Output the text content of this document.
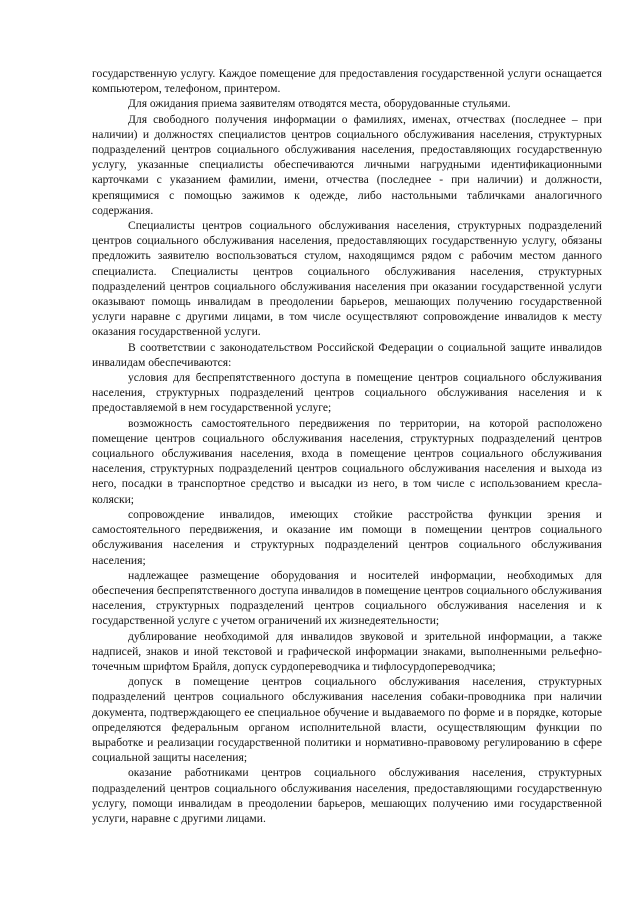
государственную услугу. Каждое помещение для предоставления государственной услуги оснащается компьютером, телефоном, принтером.

Для ожидания приема заявителям отводятся места, оборудованные стульями.

Для свободного получения информации о фамилиях, именах, отчествах (последнее – при наличии) и должностях специалистов центров социального обслуживания населения, структурных подразделений центров социального обслуживания населения, предоставляющих государственную услугу, указанные специалисты обеспечиваются личными нагрудными идентификационными карточками с указанием фамилии, имени, отчества (последнее - при наличии) и должности, крепящимися с помощью зажимов к одежде, либо настольными табличками аналогичного содержания.

Специалисты центров социального обслуживания населения, структурных подразделений центров социального обслуживания населения, предоставляющих государственную услугу, обязаны предложить заявителю воспользоваться стулом, находящимся рядом с рабочим местом данного специалиста. Специалисты центров социального обслуживания населения, структурных подразделений центров социального обслуживания населения при оказании государственной услуги оказывают помощь инвалидам в преодолении барьеров, мешающих получению государственной услуги наравне с другими лицами, в том числе осуществляют сопровождение инвалидов к месту оказания государственной услуги.

В соответствии с законодательством Российской Федерации о социальной защите инвалидов инвалидам обеспечиваются:

условия для беспрепятственного доступа в помещение центров социального обслуживания населения, структурных подразделений центров социального обслуживания населения и к предоставляемой в нем государственной услуге;

возможность самостоятельного передвижения по территории, на которой расположено помещение центров социального обслуживания населения, структурных подразделений центров социального обслуживания населения, входа в помещение центров социального обслуживания населения, структурных подразделений центров социального обслуживания населения и выхода из него, посадки в транспортное средство и высадки из него, в том числе с использованием кресла-коляски;

сопровождение инвалидов, имеющих стойкие расстройства функции зрения и самостоятельного передвижения, и оказание им помощи в помещении центров социального обслуживания населения и структурных подразделений центров социального обслуживания населения;

надлежащее размещение оборудования и носителей информации, необходимых для обеспечения беспрепятственного доступа инвалидов в помещение центров социального обслуживания населения, структурных подразделений центров социального обслуживания населения и к государственной услуге с учетом ограничений их жизнедеятельности;

дублирование необходимой для инвалидов звуковой и зрительной информации, а также надписей, знаков и иной текстовой и графической информации знаками, выполненными рельефно-точечным шрифтом Брайля, допуск сурдопереводчика и тифлосурдопереводчика;

допуск в помещение центров социального обслуживания населения, структурных подразделений центров социального обслуживания населения собаки-проводника при наличии документа, подтверждающего ее специальное обучение и выдаваемого по форме и в порядке, которые определяются федеральным органом исполнительной власти, осуществляющим функции по выработке и реализации государственной политики и нормативно-правовому регулированию в сфере социальной защиты населения;

оказание работниками центров социального обслуживания населения, структурных подразделений центров социального обслуживания населения, предоставляющими государственную услугу, помощи инвалидам в преодолении барьеров, мешающих получению ими государственной услуги, наравне с другими лицами.
